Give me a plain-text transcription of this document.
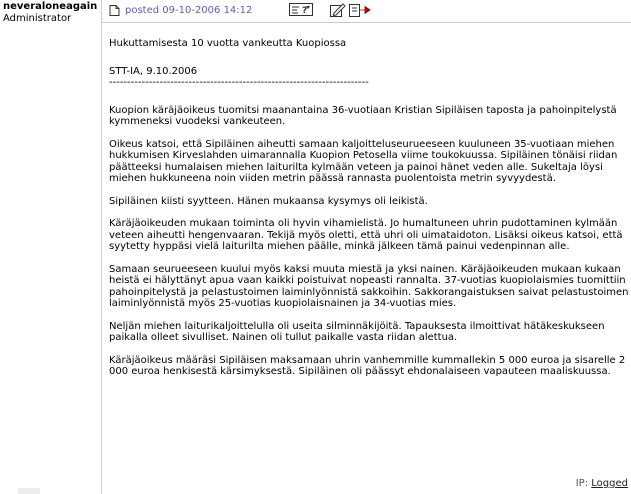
neveraloneagain
Administrator
posted 09-10-2006 14:12	?

Hukuttamisesta 10 vuotta vankeutta Kuopiossa

STT-IA, 9.10.2006

------------------------------------------------------------------------

Kuopion käräjäoikeus tuomitsi maanantaina 36-vuotiaan Kristian Sipiläisen taposta ja pahoinpitelystä kymmeneksi vuodeksi vankeuteen.

Oikeus katsoi, että Sipiläinen aiheutti samaan kaljoitteluseurueeseen kuuluneen 35-vuotiaan miehen hukkumisen Kirveslahden uimarannalla Kuopion Petosella viime toukokuussa. Sipiläinen tönäisi riidan päätteeksi humalaisen miehen laiturilta kylmään veteen ja painoi hänet veden alle. Sukeltaja löysi miehen hukkuneena noin viiden metrin päässä rannasta puolentoista metrin syvyydestä.

Sipiläinen kiisti syytteen. Hänen mukaansa kysymys oli leikistä.

Käräjäoikeuden mukaan toiminta oli hyvin vihamielistä. Jo humaltuneen uhrin pudottaminen kylmään veteen aiheutti hengenvaaran. Tekijä myös oletti, että uhri oli uimataidoton. Lisäksi oikeus katsoi, että syytetty hyppäsi vielä laiturilta miehen päälle, minkä jälkeen tämä painui vedenpinnan alle.

Samaan seurueeseen kuului myös kaksi muuta miestä ja yksi nainen. Käräjäoikeuden mukaan kukaan heistä ei hälyttänyt apua vaan kaikki poistuivat nopeasti rannalta. 37-vuotias kuopiolaismies tuomittiin pahoinpitelystä ja pelastustoimen laiminlyönnistä sakkoihin. Sakkorangaistuksen saivat pelastustoimen laiminlyönnistä myös 25-vuotias kuopiolaisnainen ja 34-vuotias mies.

Neljän miehen laiturikaljoittelulla oli useita silminnäkijöitä. Tapauksesta ilmoittivat hätäkeskukseen paikalla olleet sivulliset. Nainen oli tullut paikalle vasta riidan alettua.

Käräjäoikeus määräsi Sipiläisen maksamaan uhrin vanhemmille kummallekin 5 000 euroa ja sisarelle 2 000 euroa henkisestä kärsimyksestä. Sipiläinen oli päässyt ehdonalaiseen vapauteen maaliskuussa.

IP: Logged
